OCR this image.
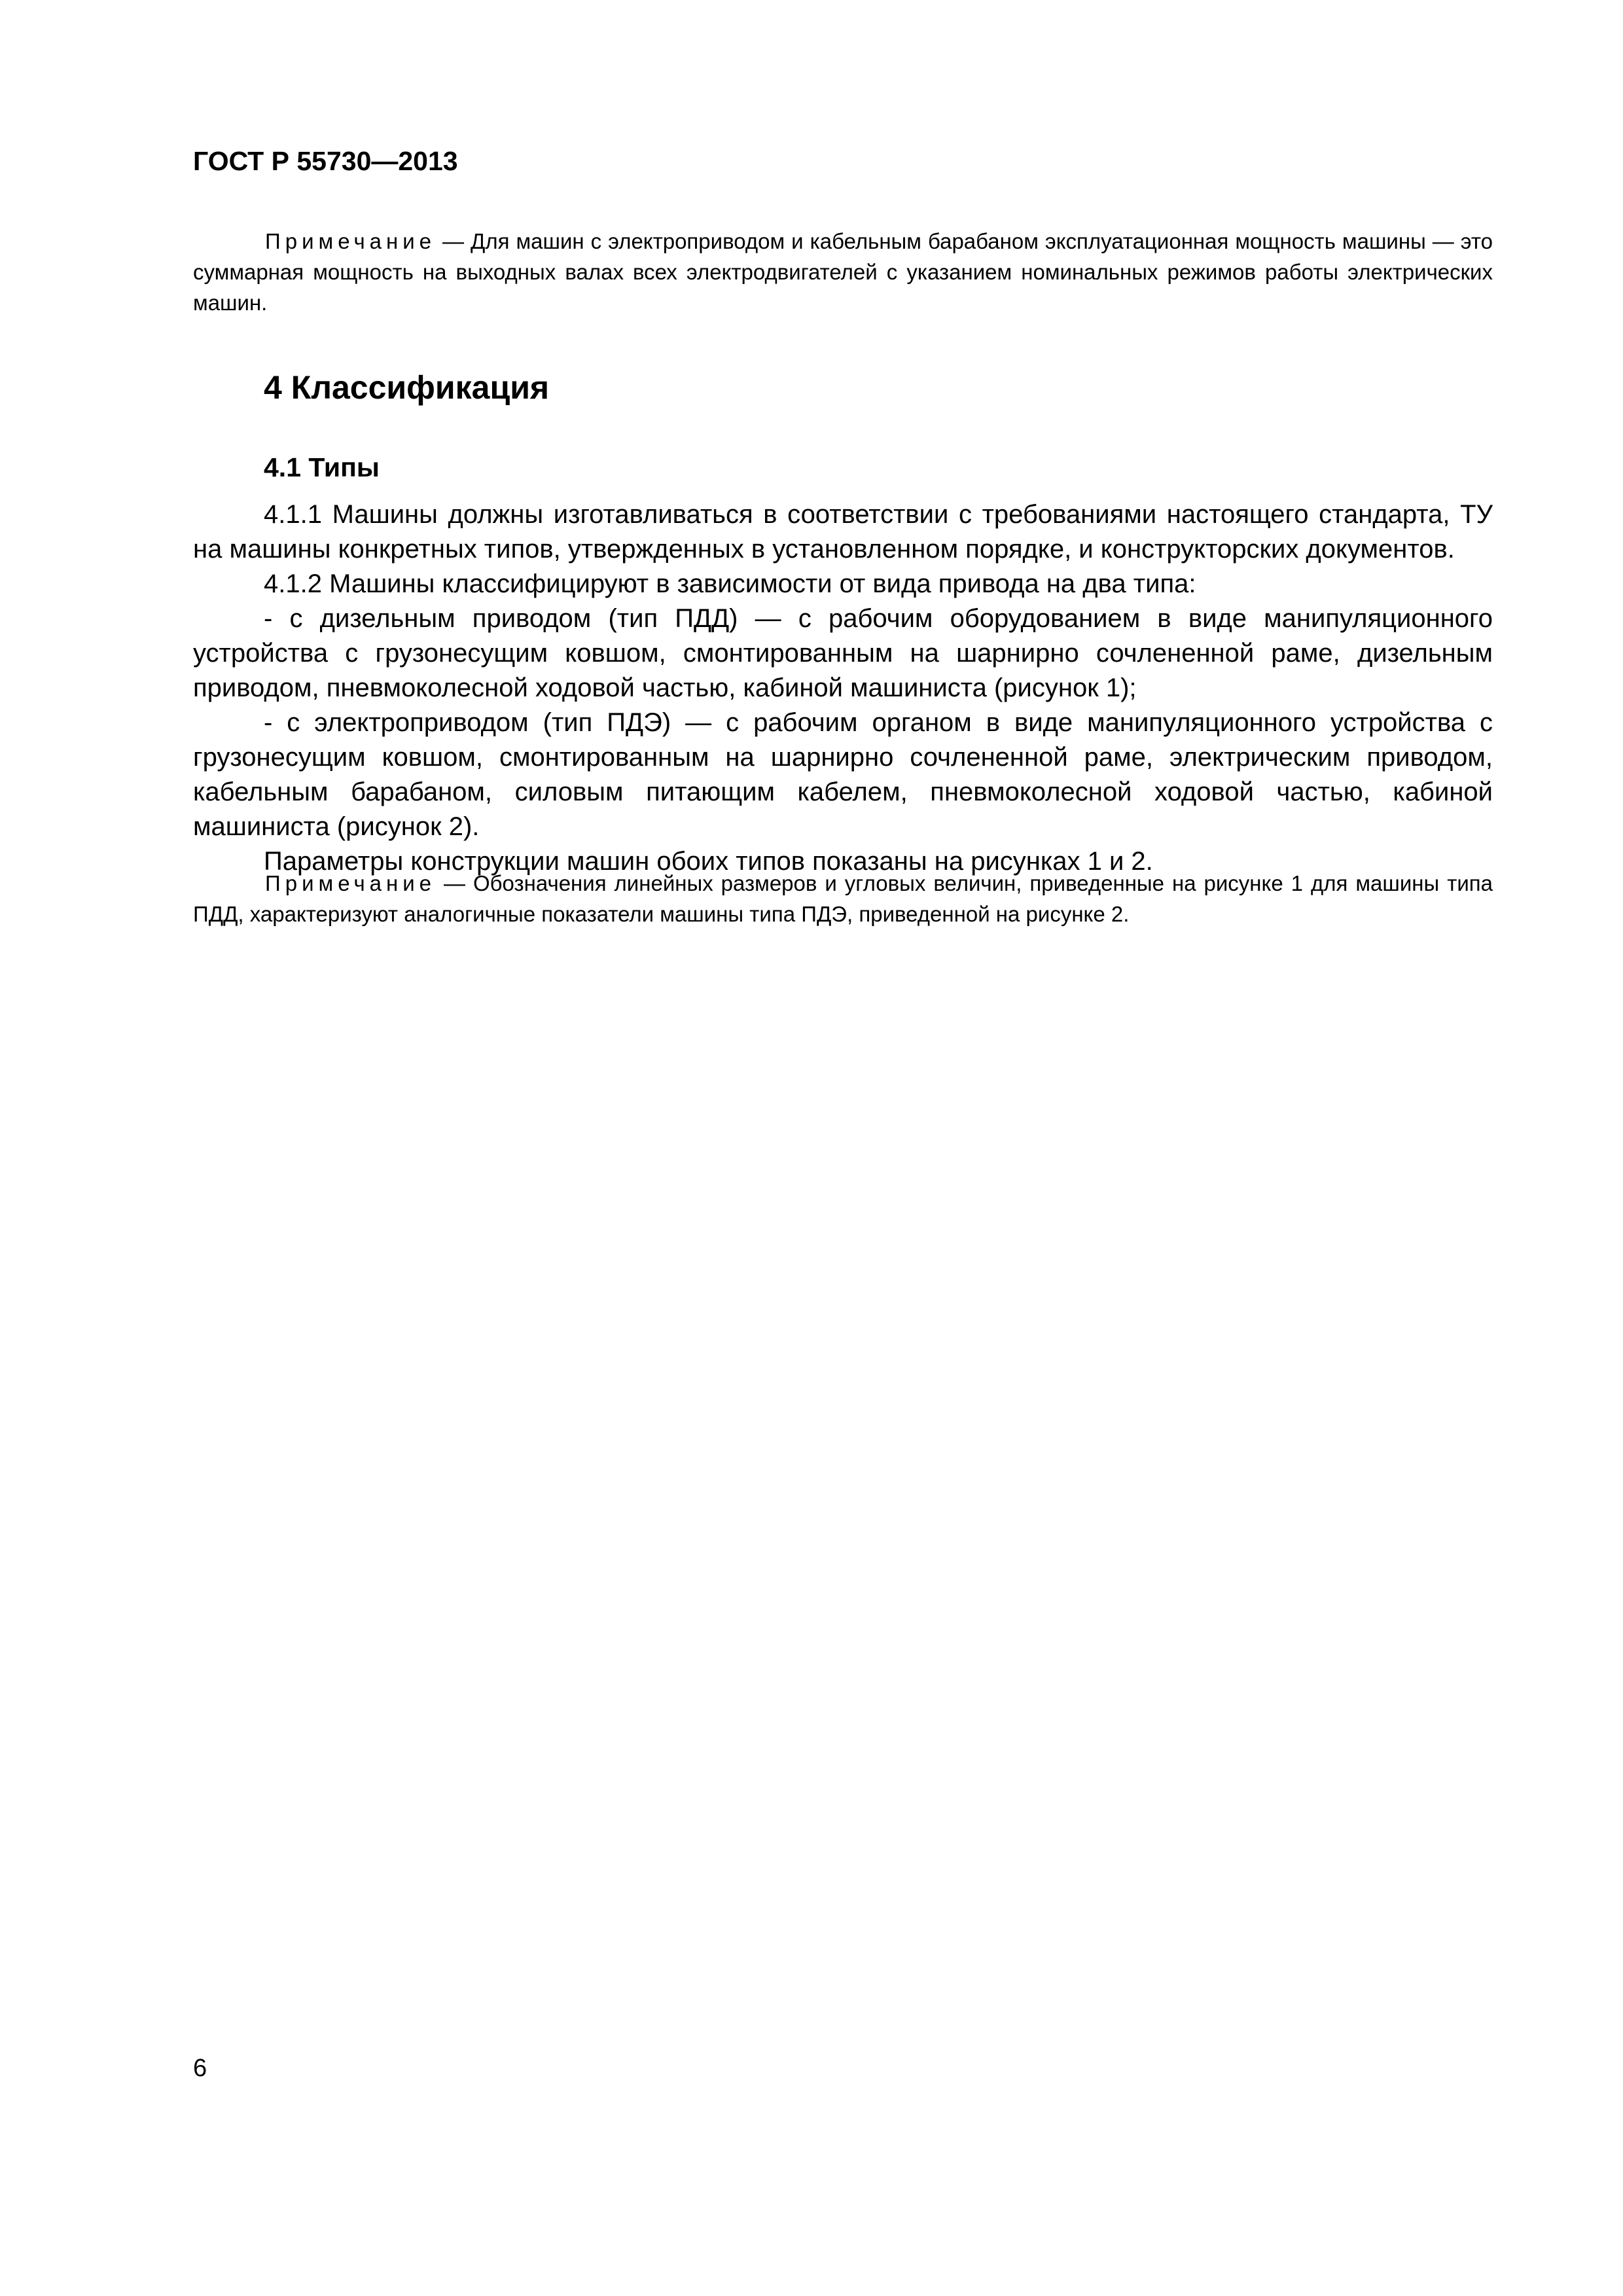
ГОСТ Р 55730—2013

Примечание — Для машин с электроприводом и кабельным барабаном эксплуатационная мощность машины — это суммарная мощность на выходных валах всех электродвигателей с указанием номинальных режимов работы электрических машин.

4 Классификация
4.1 Типы

4.1.1 Машины должны изготавливаться в соответствии с требованиями настоящего стандарта, ТУ на машины конкретных типов, утвержденных в установленном порядке, и конструкторских документов.

4.1.2 Машины классифицируют в зависимости от вида привода на два типа:

- с дизельным приводом (тип ПДД) — с рабочим оборудованием в виде манипуляционного устройства с грузонесущим ковшом, смонтированным на шарнирно сочлененной раме, дизельным приводом, пневмоколесной ходовой частью, кабиной машиниста (рисунок 1);

- с электроприводом (тип ПДЭ) — с рабочим органом в виде манипуляционного устройства с грузонесущим ковшом, смонтированным на шарнирно сочлененной раме, электрическим приводом, кабельным барабаном, силовым питающим кабелем, пневмоколесной ходовой частью, кабиной машиниста (рисунок 2).

Параметры конструкции машин обоих типов показаны на рисунках 1 и 2.

Примечание — Обозначения линейных размеров и угловых величин, приведенные на рисунке 1 для машины типа ПДД, характеризуют аналогичные показатели машины типа ПДЭ, приведенной на рисунке 2.

6
